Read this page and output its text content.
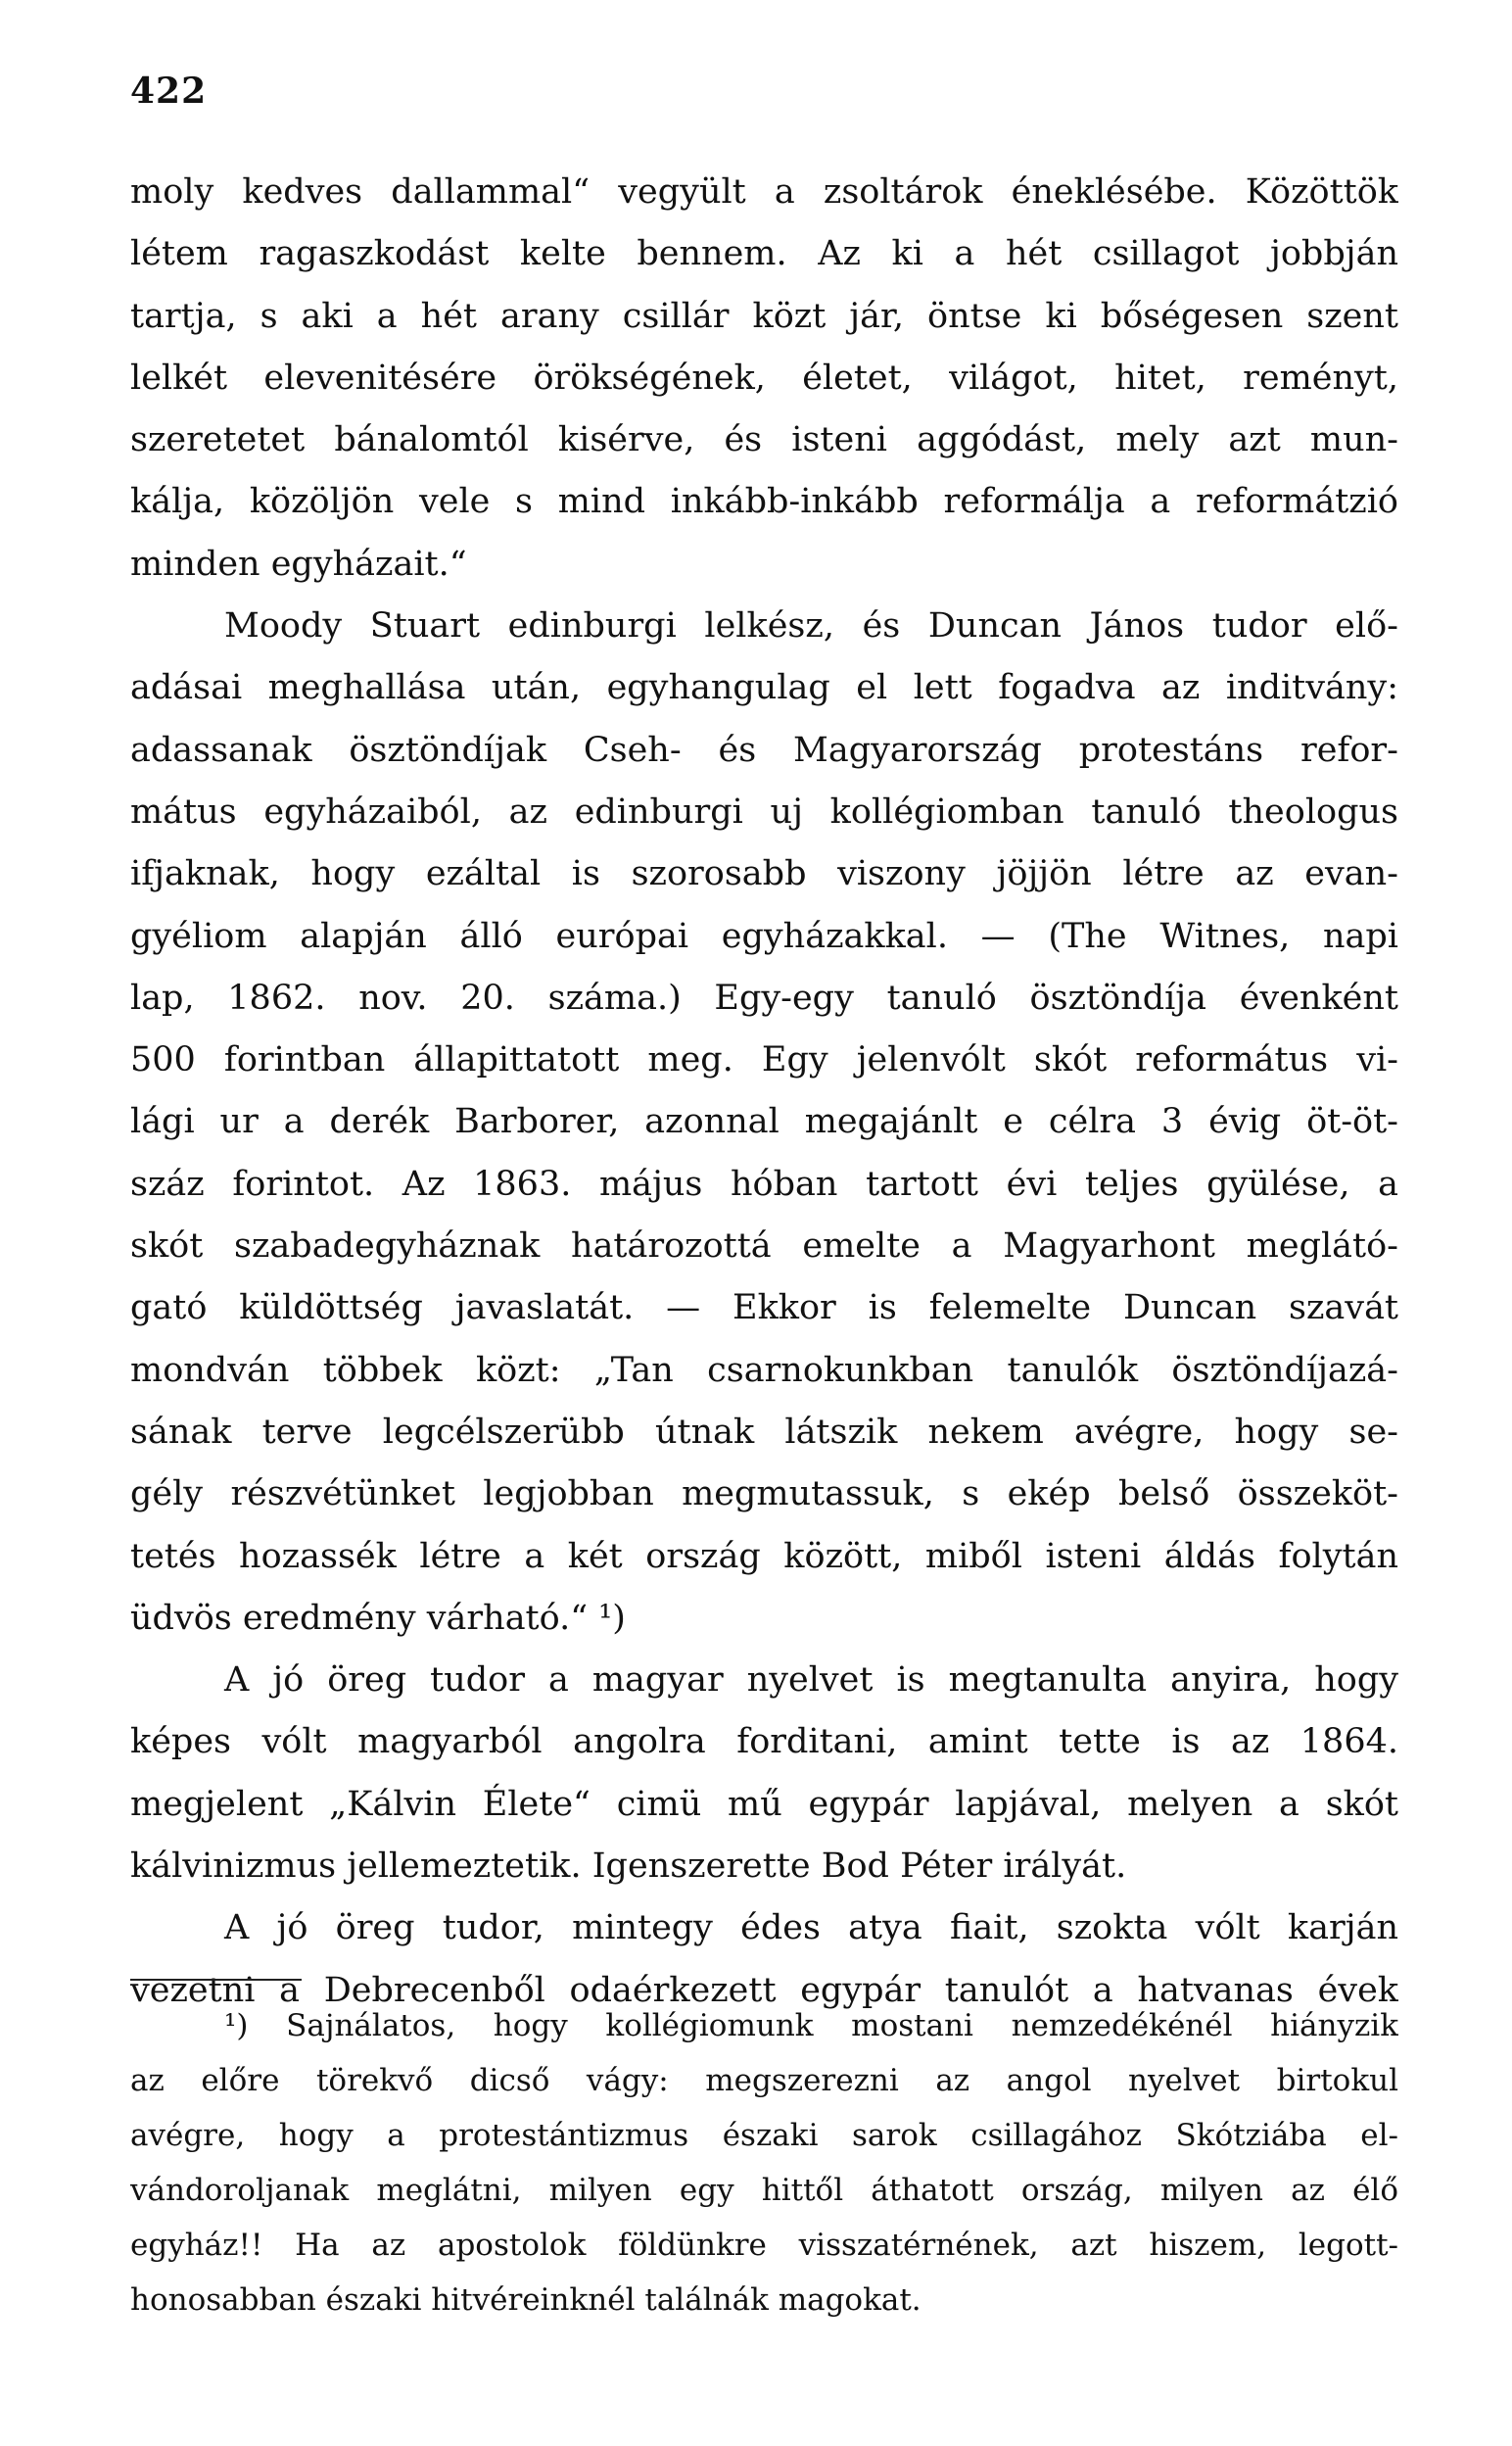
422
moly kedves dallammal“ vegyült a zsoltárok éneklésébe. Közöttök
létem ragaszkodást kelte bennem. Az ki a hét csillagot jobbján
tartja, s aki a hét arany csillár közt jár, öntse ki bőségesen szent
lelkét elevenitésére örökségének, életet, világot, hitet, reményt,
szeretetet bánalomtól kisérve, és isteni aggódást, mely azt mun-
kálja, közöljön vele s mind inkább-inkább reformálja a reformátzió
minden egyházait.“
Moody Stuart edinburgi lelkész, és Duncan János tudor elő-
adásai meghallása után, egyhangulag el lett fogadva az inditvány:
adassanak ösztöndíjak Cseh- és Magyarország protestáns refor-
mátus egyházaiból, az edinburgi uj kollégiomban tanuló theologus
ifjaknak, hogy ezáltal is szorosabb viszony jöjjön létre az evan-
gyéliom alapján álló európai egyházakkal. — (The Witnes, napi
lap, 1862. nov. 20. száma.) Egy-egy tanuló ösztöndíja évenként
500 forintban állapittatott meg. Egy jelenvólt skót református vi-
lági ur a derék Barborer, azonnal megajánlt e célra 3 évig öt-öt-
száz forintot. Az 1863. május hóban tartott évi teljes gyülése, a
skót szabadegyháznak határozottá emelte a Magyarhont meglátó-
gató küldöttség javaslatát. — Ekkor is felemelte Duncan szavát
mondván többek közt: „Tan csarnokunkban tanulók ösztöndíjazá-
sának terve legcélszerübb útnak látszik nekem avégre, hogy se-
gély részvétünket legjobban megmutassuk, s ekép belső összeköt-
tetés hozassék létre a két ország között, miből isteni áldás folytán
üdvös eredmény várható.“ ¹)
A jó öreg tudor a magyar nyelvet is megtanulta anyira, hogy
képes vólt magyarból angolra forditani, amint tette is az 1864.
megjelent „Kálvin Élete“ cimü mű egypár lapjával, melyen a skót
kálvinizmus jellemeztetik. Igenszerette Bod Péter irályát.
A jó öreg tudor, mintegy édes atya fiait, szokta vólt karján
vezetni a Debrecenből odaérkezett egypár tanulót a hatvanas évek
¹) Sajnálatos, hogy kollégiomunk mostani nemzedékénél hiányzik
az előre törekvő dicső vágy: megszerezni az angol nyelvet birtokul
avégre, hogy a protestántizmus északi sarok csillagához Skótziába el-
vándoroljanak meglátni, milyen egy hittől áthatott ország, milyen az élő
egyház!! Ha az apostolok földünkre visszatérnének, azt hiszem, legott-
honosabban északi hitvéreinknél találnák magokat.
